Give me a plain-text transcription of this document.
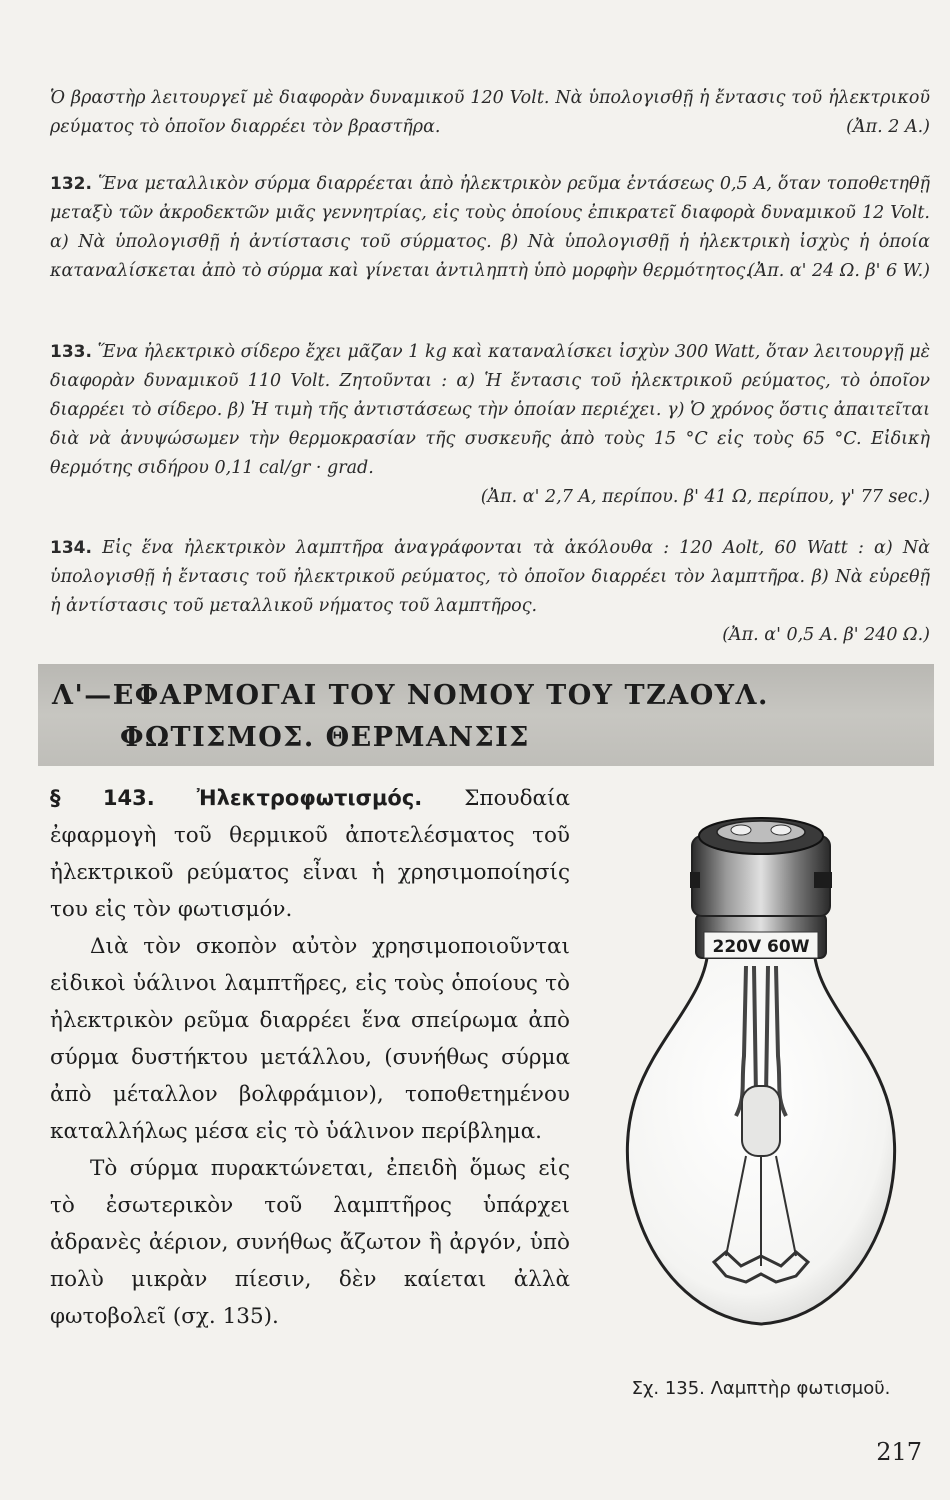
Ὁ βραστὴρ λειτουργεῖ μὲ διαφορὰν δυναμικοῦ 120 Volt. Νὰ ὑπολογισθῇ ἡ ἔντασις τοῦ ἠλεκτρικοῦ ρεύματος τὸ ὁποῖον διαρρέει τὸν βραστῆρα.	(Ἀπ. 2 A.)

132. Ἕνα μεταλλικὸν σύρμα διαρρέεται ἀπὸ ἠλεκτρικὸν ρεῦμα ἐντάσεως 0,5 A, ὅταν τοποθετηθῇ μεταξὺ τῶν ἀκροδεκτῶν μιᾶς γεννητρίας, εἰς τοὺς ὁποίους ἐπικρατεῖ διαφορὰ δυναμικοῦ 12 Volt. α) Νὰ ὑπολογισθῇ ἡ ἀντίστασις τοῦ σύρματος. β) Νὰ ὑπολογισθῇ ἡ ἠλεκτρικὴ ἰσχὺς ἡ ὁποία καταναλίσκεται ἀπὸ τὸ σύρμα καὶ γίνεται ἀντιληπτὴ ὑπὸ μορφὴν θερμότητος.

(Ἀπ. α' 24 Ω. β' 6 W.)

133. Ἕνα ἠλεκτρικὸ σίδερο ἔχει μᾶζαν 1 kg καὶ καταναλίσκει ἰσχὺν 300 Watt, ὅταν λειτουργῇ μὲ διαφορὰν δυναμικοῦ 110 Volt. Ζητοῦνται : α) Ἡ ἔντασις τοῦ ἠλεκτρικοῦ ρεύματος, τὸ ὁποῖον διαρρέει τὸ σίδερο. β) Ἡ τιμὴ τῆς ἀντιστάσεως τὴν ὁποίαν περιέχει. γ) Ὁ χρόνος ὅστις ἀπαιτεῖται διὰ νὰ ἀνυψώσωμεν τὴν θερμοκρασίαν τῆς συσκευῆς ἀπὸ τοὺς 15 °C εἰς τοὺς 65 °C. Εἰδικὴ θερμότης σιδήρου 0,11 cal/gr · grad.

(Ἀπ. α' 2,7 A, περίπου. β' 41 Ω, περίπου, γ' 77 sec.)

134. Εἰς ἕνα ἠλεκτρικὸν λαμπτῆρα ἀναγράφονται τὰ ἀκόλουθα : 120 Aolt, 60 Watt : α) Νὰ ὑπολογισθῇ ἡ ἔντασις τοῦ ἠλεκτρικοῦ ρεύματος, τὸ ὁποῖον διαρρέει τὸν λαμπτῆρα. β) Νὰ εὑρεθῇ ἡ ἀντίστασις τοῦ μεταλλικοῦ νήματος τοῦ λαμπτῆρος.

(Ἀπ. α' 0,5 A. β' 240 Ω.)
Λ'—ΕΦΑΡΜΟΓΑΙ ΤΟΥ ΝΟΜΟΥ ΤΟΥ ΤΖΑΟΥΛ.
ΦΩΤΙΣΜΟΣ. ΘΕΡΜΑΝΣΙΣ

§ 143. Ἠλεκτροφωτισμός. Σπουδαία ἐφαρμογὴ τοῦ θερμικοῦ ἀποτελέσματος τοῦ ἠλεκτρικοῦ ρεύματος εἶναι ἡ χρησιμοποίησίς του εἰς τὸν φωτισμόν.

Διὰ τὸν σκοπὸν αὐτὸν χρησιμοποιοῦνται εἰδικοὶ ὑάλινοι λαμπτῆρες, εἰς τοὺς ὁποίους τὸ ἠλεκτρικὸν ρεῦμα διαρρέει ἕνα σπείρωμα ἀπὸ σύρμα δυστήκτου μετάλλου, (συνήθως σύρμα ἀπὸ μέταλλον βολφράμιον), τοποθετημένου καταλλήλως μέσα εἰς τὸ ὑάλινον περίβλημα.

Τὸ σύρμα πυρακτώνεται, ἐπειδὴ ὅμως εἰς τὸ ἐσωτερικὸν τοῦ λαμπτῆρος ὑπάρχει ἀδρανὲς ἀέριον, συνήθως ἄζωτον ἢ ἀργόν, ὑπὸ πολὺ μικρὰν πίεσιν, δὲν καίεται ἀλλὰ φωτοβολεῖ (σχ. 135).

220V 60W
Σχ. 135. Λαμπτὴρ φωτισμοῦ.
217
